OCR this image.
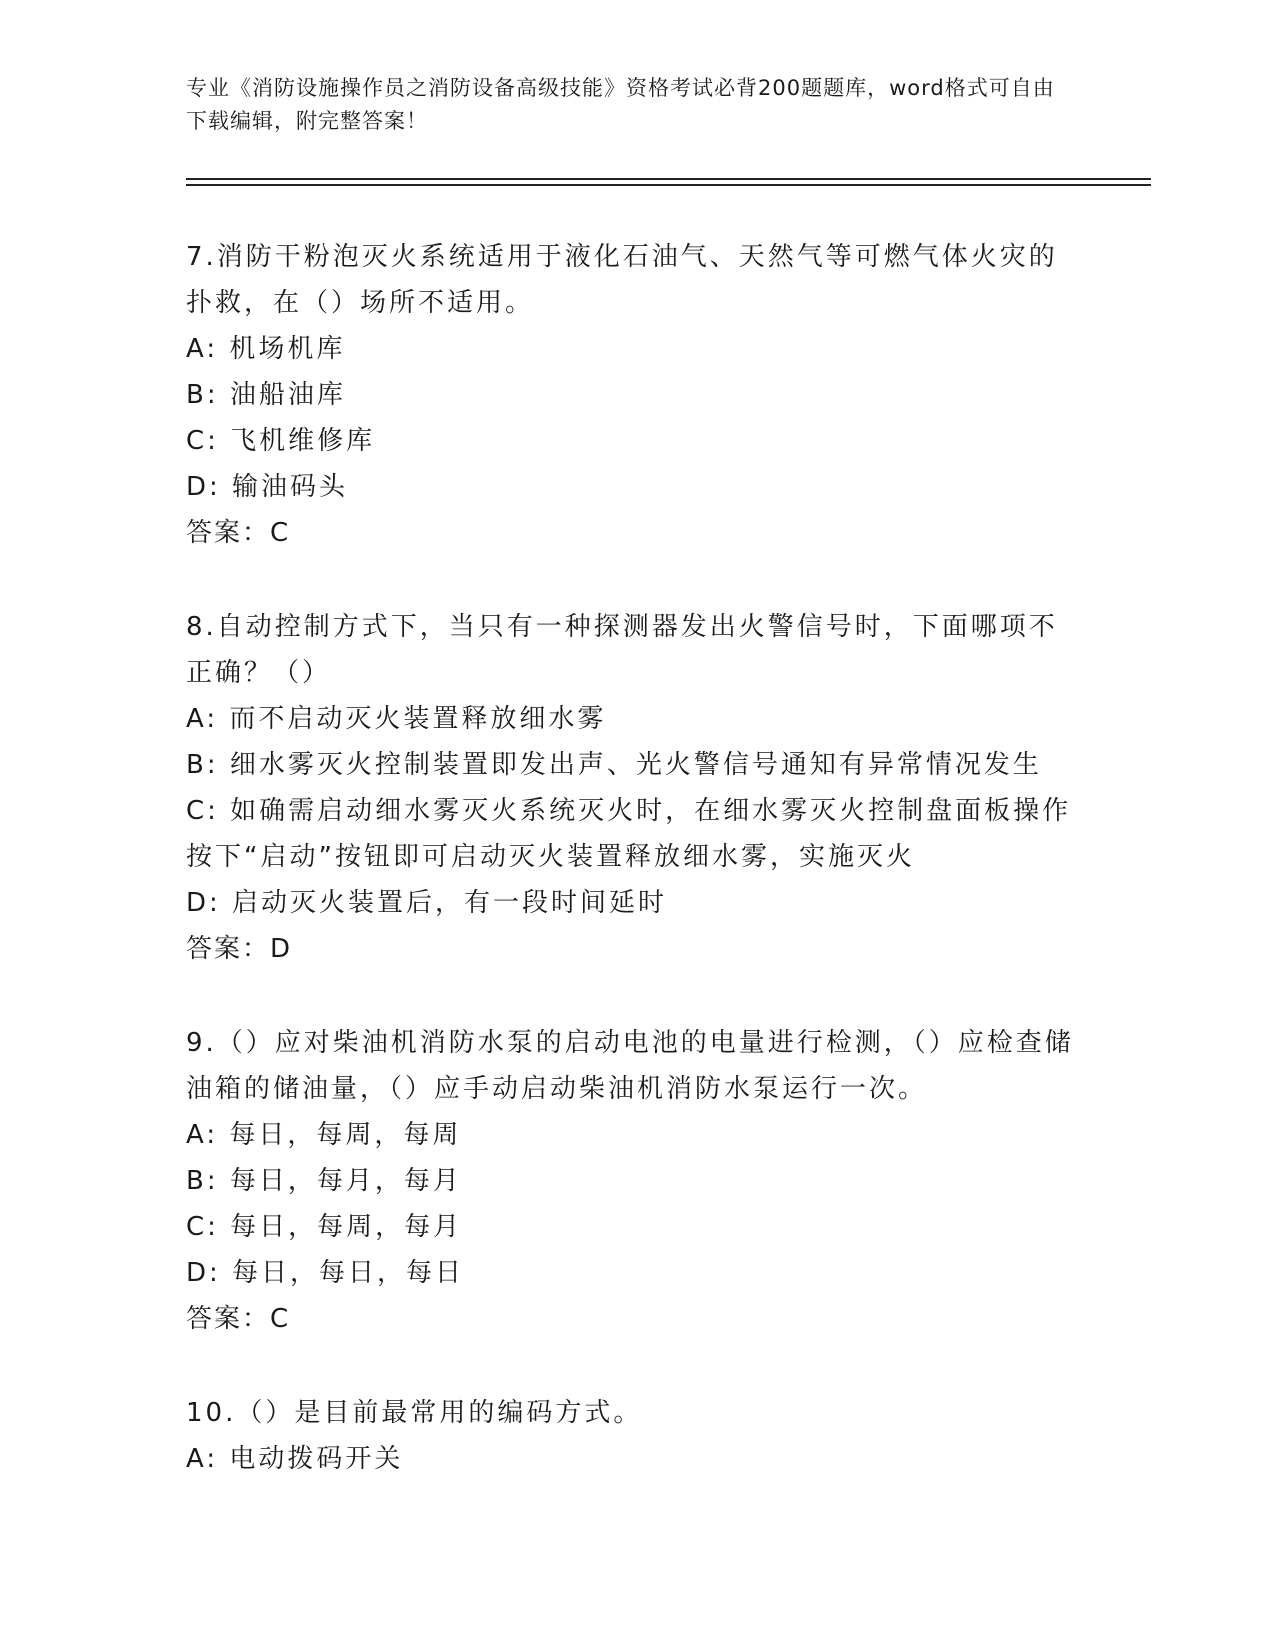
专业《消防设施操作员之消防设备高级技能》资格考试必背200题题库，word格式可自由下载编辑，附完整答案！
7.消防干粉泡灭火系统适用于液化石油气、天然气等可燃气体火灾的扑救，在（）场所不适用。
A: 机场机库
B: 油船油库
C: 飞机维修库
D: 输油码头
答案：C
8.自动控制方式下，当只有一种探测器发出火警信号时，下面哪项不正确？（）
A: 而不启动灭火装置释放细水雾
B: 细水雾灭火控制装置即发出声、光火警信号通知有异常情况发生
C: 如确需启动细水雾灭火系统灭火时，在细水雾灭火控制盘面板操作按下“启动”按钮即可启动灭火装置释放细水雾，实施灭火
D: 启动灭火装置后，有一段时间延时
答案：D
9.（）应对柴油机消防水泵的启动电池的电量进行检测，（）应检查储油箱的储油量，（）应手动启动柴油机消防水泵运行一次。
A: 每日，每周，每周
B: 每日，每月，每月
C: 每日，每周，每月
D: 每日，每日，每日
答案：C
10.（）是目前最常用的编码方式。
A: 电动拨码开关
